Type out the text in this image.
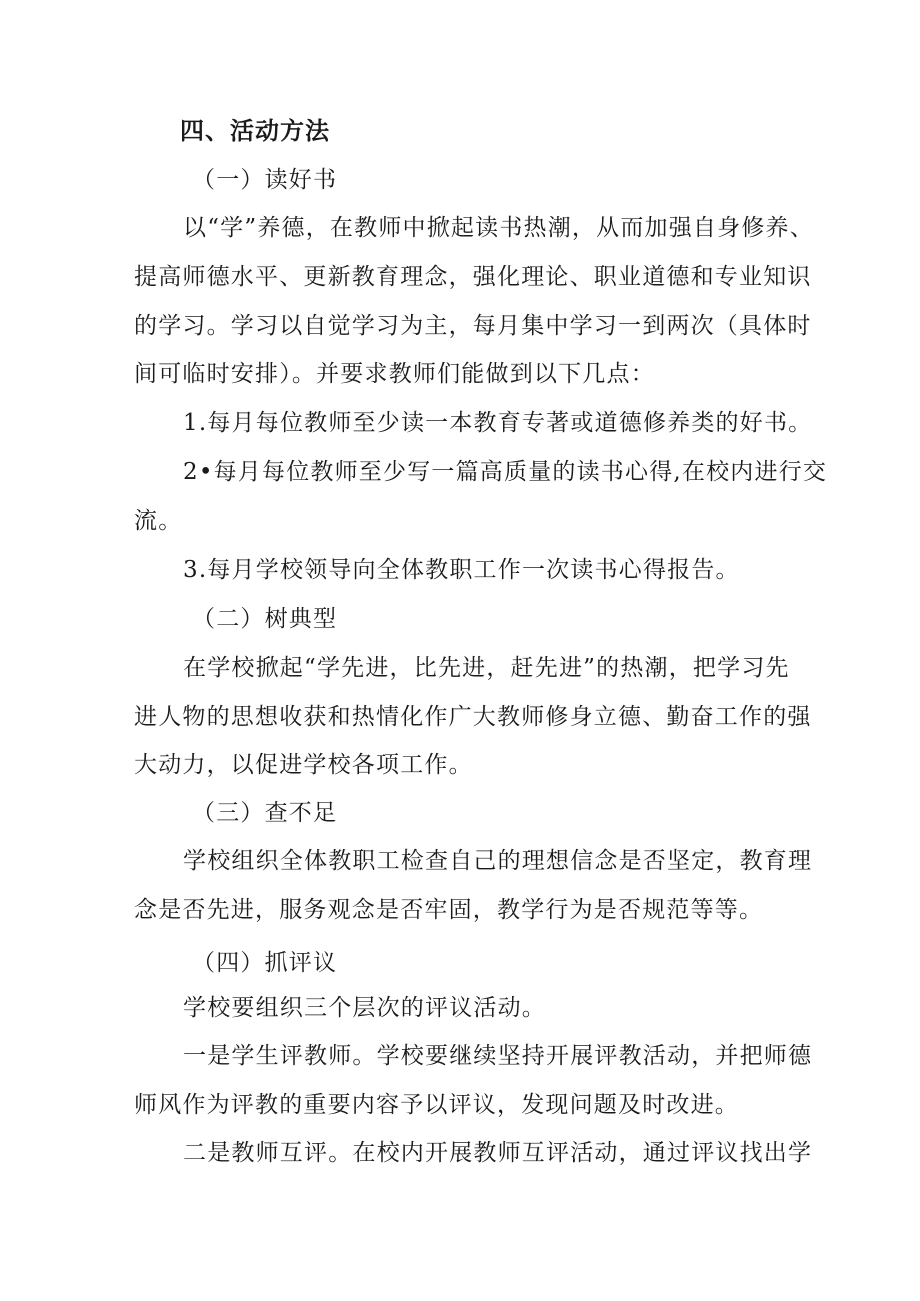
四、活动方法
（一）读好书
以“学”养德，在教师中掀起读书热潮，从而加强自身修养、
提高师德水平、更新教育理念，强化理论、职业道德和专业知识
的学习。学习以自觉学习为主，每月集中学习一到两次（具体时
间可临时安排）。并要求教师们能做到以下几点：
1.每月每位教师至少读一本教育专著或道德修养类的好书。
2•每月每位教师至少写一篇高质量的读书心得,在校内进行交
流。
3.每月学校领导向全体教职工作一次读书心得报告。
（二）树典型
在学校掀起“学先进，比先进，赶先进”的热潮，把学习先
进人物的思想收获和热情化作广大教师修身立德、勤奋工作的强
大动力，以促进学校各项工作。
（三）查不足
学校组织全体教职工检查自己的理想信念是否坚定，教育理
念是否先进，服务观念是否牢固，教学行为是否规范等等。
（四）抓评议
学校要组织三个层次的评议活动。
一是学生评教师。学校要继续坚持开展评教活动，并把师德
师风作为评教的重要内容予以评议，发现问题及时改进。
二是教师互评。在校内开展教师互评活动，通过评议找出学
